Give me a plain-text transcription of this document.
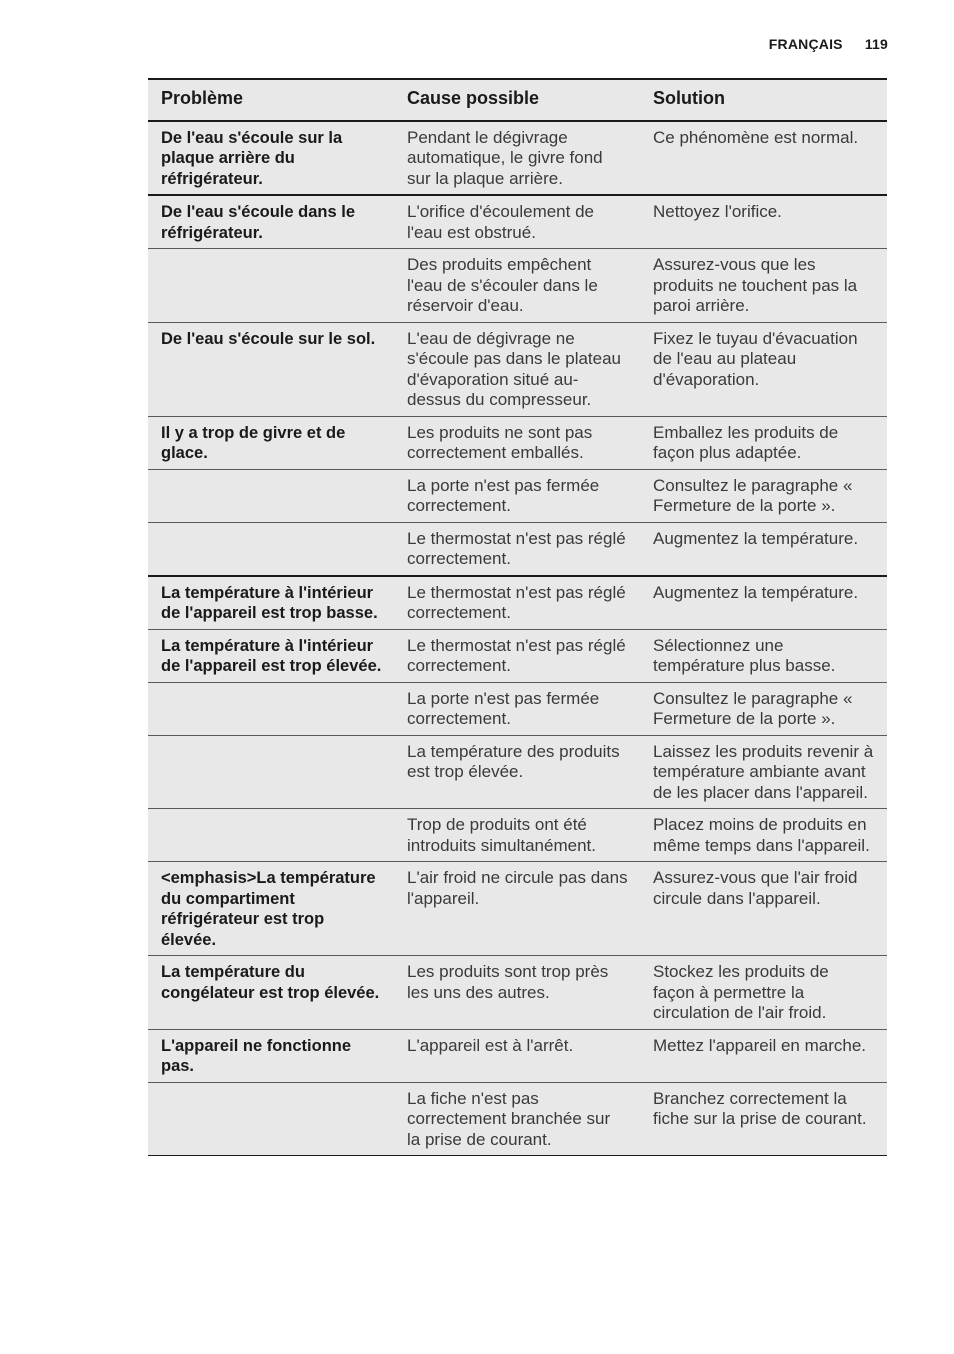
FRANÇAIS 119
Problème	Cause possible	Solution
De l'eau s'écoule sur la plaque arrière du réfrigérateur.	Pendant le dégivrage automatique, le givre fond sur la plaque arrière.	Ce phénomène est normal.
De l'eau s'écoule dans le réfrigérateur.	L'orifice d'écoulement de l'eau est obstrué.	Nettoyez l'orifice.
	Des produits empêchent l'eau de s'écouler dans le réservoir d'eau.	Assurez-vous que les produits ne touchent pas la paroi arrière.
De l'eau s'écoule sur le sol.	L'eau de dégivrage ne s'écoule pas dans le plateau d'évaporation situé au-dessus du compresseur.	Fixez le tuyau d'évacuation de l'eau au plateau d'évaporation.
Il y a trop de givre et de glace.	Les produits ne sont pas correctement emballés.	Emballez les produits de façon plus adaptée.
	La porte n'est pas fermée correctement.	Consultez le paragraphe « Fermeture de la porte ».
	Le thermostat n'est pas réglé correctement.	Augmentez la température.
La température à l'intérieur de l'appareil est trop basse.	Le thermostat n'est pas réglé correctement.	Augmentez la température.
La température à l'intérieur de l'appareil est trop élevée.	Le thermostat n'est pas réglé correctement.	Sélectionnez une température plus basse.
	La porte n'est pas fermée correctement.	Consultez le paragraphe « Fermeture de la porte ».
	La température des produits est trop élevée.	Laissez les produits revenir à température ambiante avant de les placer dans l'appareil.
	Trop de produits ont été introduits simultanément.	Placez moins de produits en même temps dans l'appareil.
<emphasis>La température du compartiment réfrigérateur est trop élevée.	L'air froid ne circule pas dans l'appareil.	Assurez-vous que l'air froid circule dans l'appareil.
La température du congélateur est trop élevée.	Les produits sont trop près les uns des autres.	Stockez les produits de façon à permettre la circulation de l'air froid.
L'appareil ne fonctionne pas.	L'appareil est à l'arrêt.	Mettez l'appareil en marche.
	La fiche n'est pas correctement branchée sur la prise de courant.	Branchez correctement la fiche sur la prise de courant.
